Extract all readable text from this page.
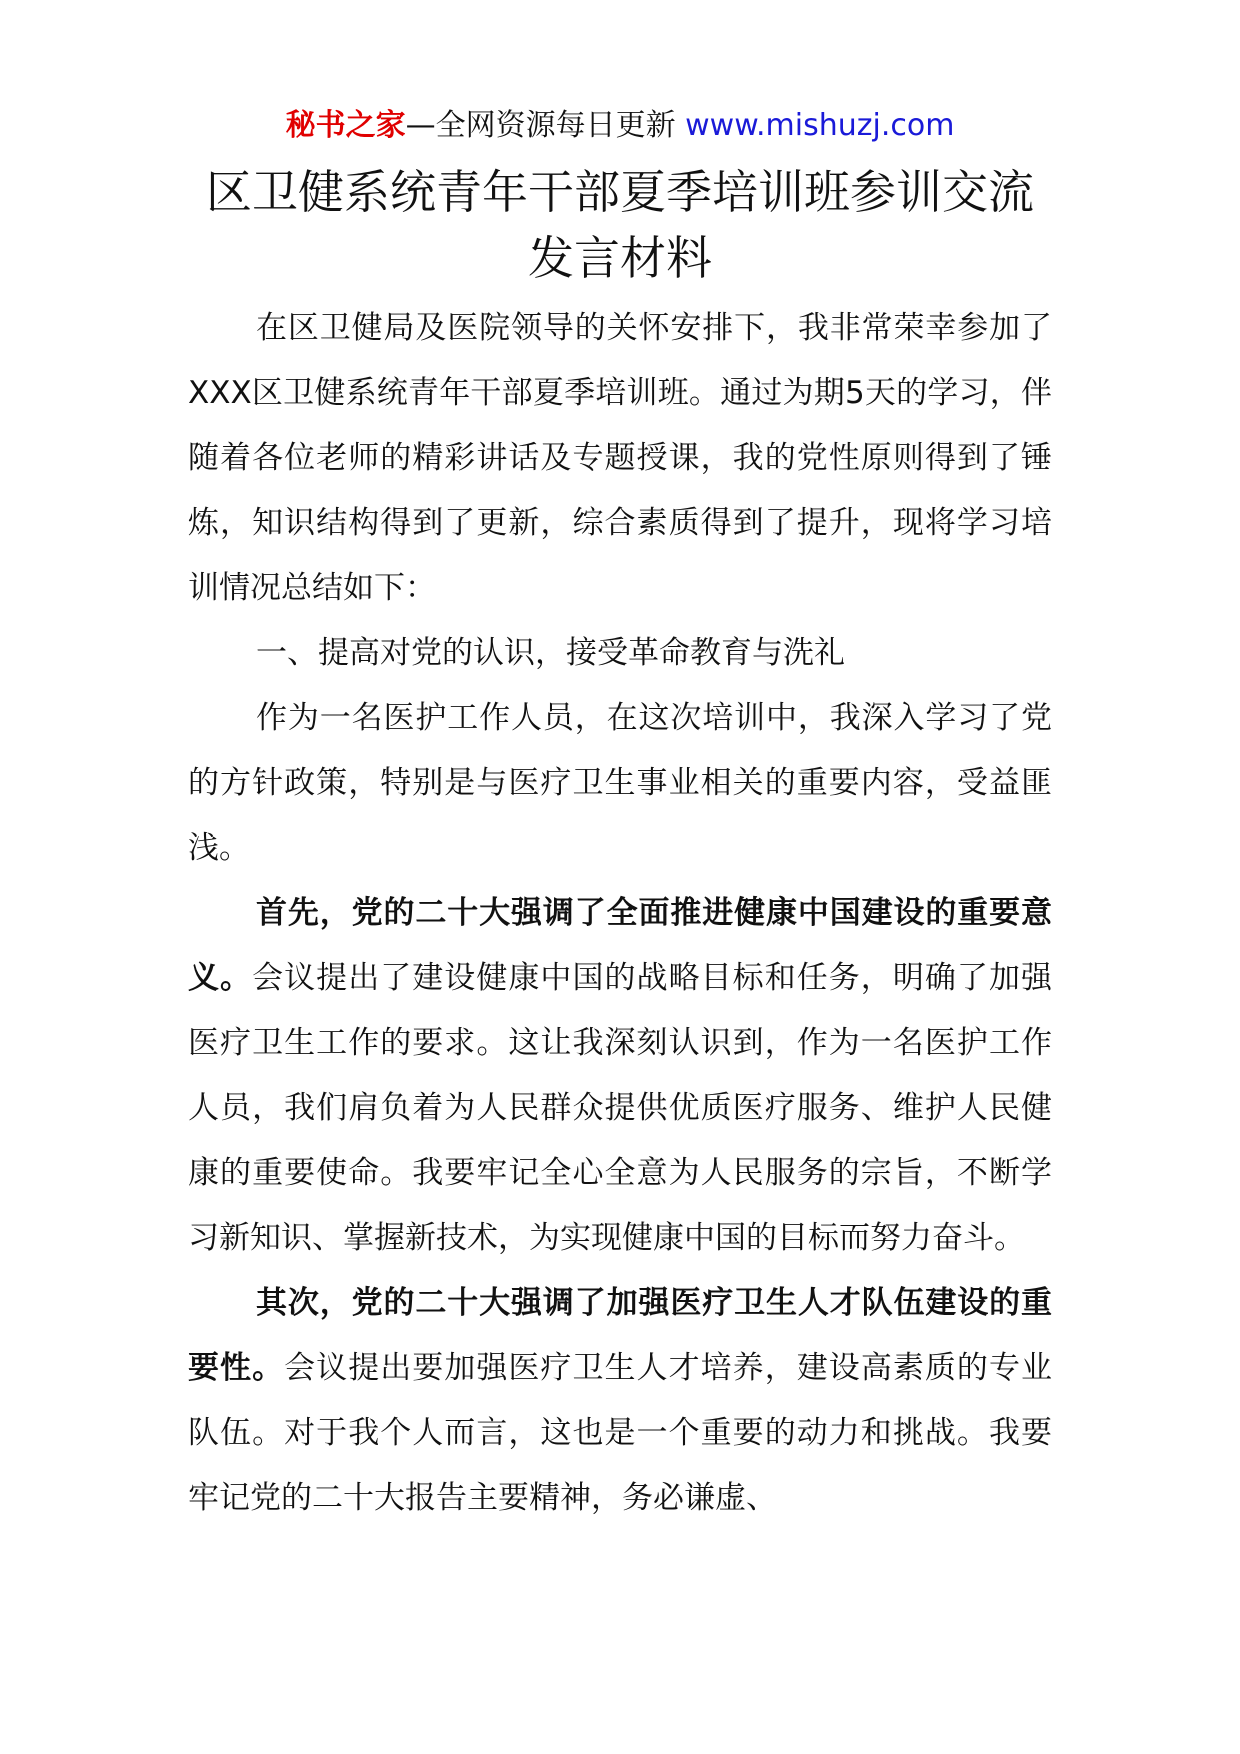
秘书之家—全网资源每日更新 www.mishuzj.com
区卫健系统青年干部夏季培训班参训交流
发言材料

在区卫健局及医院领导的关怀安排下，我非常荣幸参加了XXX区卫健系统青年干部夏季培训班。通过为期5天的学习，伴随着各位老师的精彩讲话及专题授课，我的党性原则得到了锤炼，知识结构得到了更新，综合素质得到了提升，现将学习培训情况总结如下：

一、提高对党的认识，接受革命教育与洗礼

作为一名医护工作人员，在这次培训中，我深入学习了党的方针政策，特别是与医疗卫生事业相关的重要内容，受益匪浅。

首先，党的二十大强调了全面推进健康中国建设的重要意义。会议提出了建设健康中国的战略目标和任务，明确了加强医疗卫生工作的要求。这让我深刻认识到，作为一名医护工作人员，我们肩负着为人民群众提供优质医疗服务、维护人民健康的重要使命。我要牢记全心全意为人民服务的宗旨，不断学习新知识、掌握新技术，为实现健康中国的目标而努力奋斗。

其次，党的二十大强调了加强医疗卫生人才队伍建设的重要性。会议提出要加强医疗卫生人才培养，建设高素质的专业队伍。对于我个人而言，这也是一个重要的动力和挑战。我要牢记党的二十大报告主要精神，务必谦虚、
